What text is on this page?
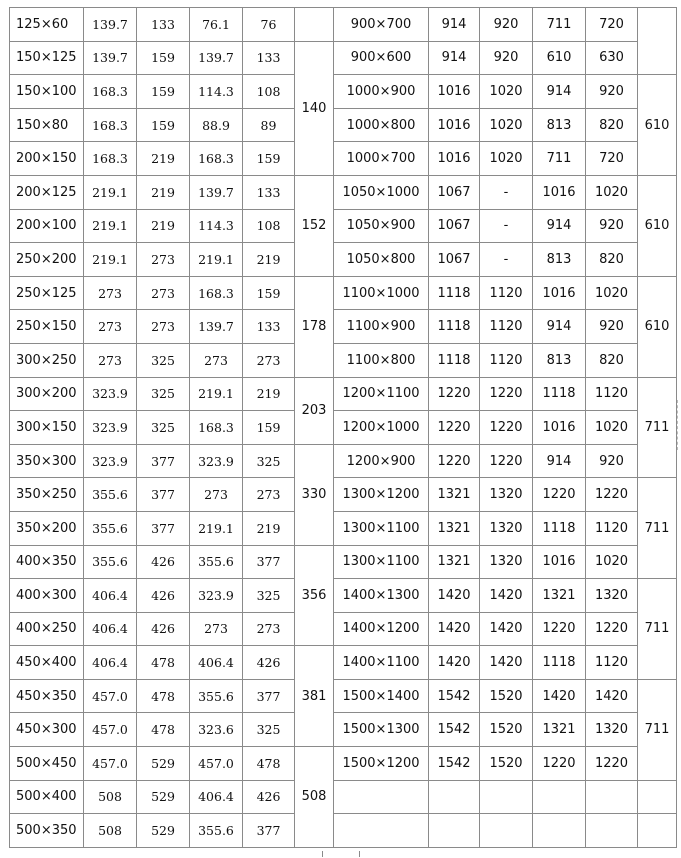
125×60	139.7	133	76.1	76		900×700	914	920	711	720	
150×125	139.7	159	139.7	133	140	900×600	914	920	610	630	
150×100	168.3	159	114.3	108		1000×900	1016	1020	914	920	610
150×80	168.3	159	88.9	89		1000×800	1016	1020	813	820	
200×150	168.3	219	168.3	159		1000×700	1016	1020	711	720	
200×125	219.1	219	139.7	133	152	1050×1000	1067	-	1016	1020	610
200×100	219.1	219	114.3	108		1050×900	1067	-	914	920	
250×200	219.1	273	219.1	219		1050×800	1067	-	813	820	
250×125	273	273	168.3	159	178	1100×1000	1118	1120	1016	1020	610
250×150	273	273	139.7	133		1100×900	1118	1120	914	920	
300×250	273	325	273	273		1100×800	1118	1120	813	820	
300×200	323.9	325	219.1	219	203	1200×1100	1220	1220	1118	1120	711
300×150	323.9	325	168.3	159		1200×1000	1220	1220	1016	1020	
350×300	323.9	377	323.9	325	330	1200×900	1220	1220	914	920	
350×250	355.6	377	273	273		1300×1200	1321	1320	1220	1220	711
350×200	355.6	377	219.1	219		1300×1100	1321	1320	1118	1120	
400×350	355.6	426	355.6	377	356	1300×1100	1321	1320	1016	1020	
400×300	406.4	426	323.9	325		1400×1300	1420	1420	1321	1320	711
400×250	406.4	426	273	273		1400×1200	1420	1420	1220	1220	
450×400	406.4	478	406.4	426	381	1400×1100	1420	1420	1118	1120	
450×350	457.0	478	355.6	377		1500×1400	1542	1520	1420	1420	711
450×300	457.0	478	323.6	325		1500×1300	1542	1520	1321	1320	
500×450	457.0	529	457.0	478	508	1500×1200	1542	1520	1220	1220	
500×400	508	529	406.4	426							
500×350	508	529	355.6	377							
